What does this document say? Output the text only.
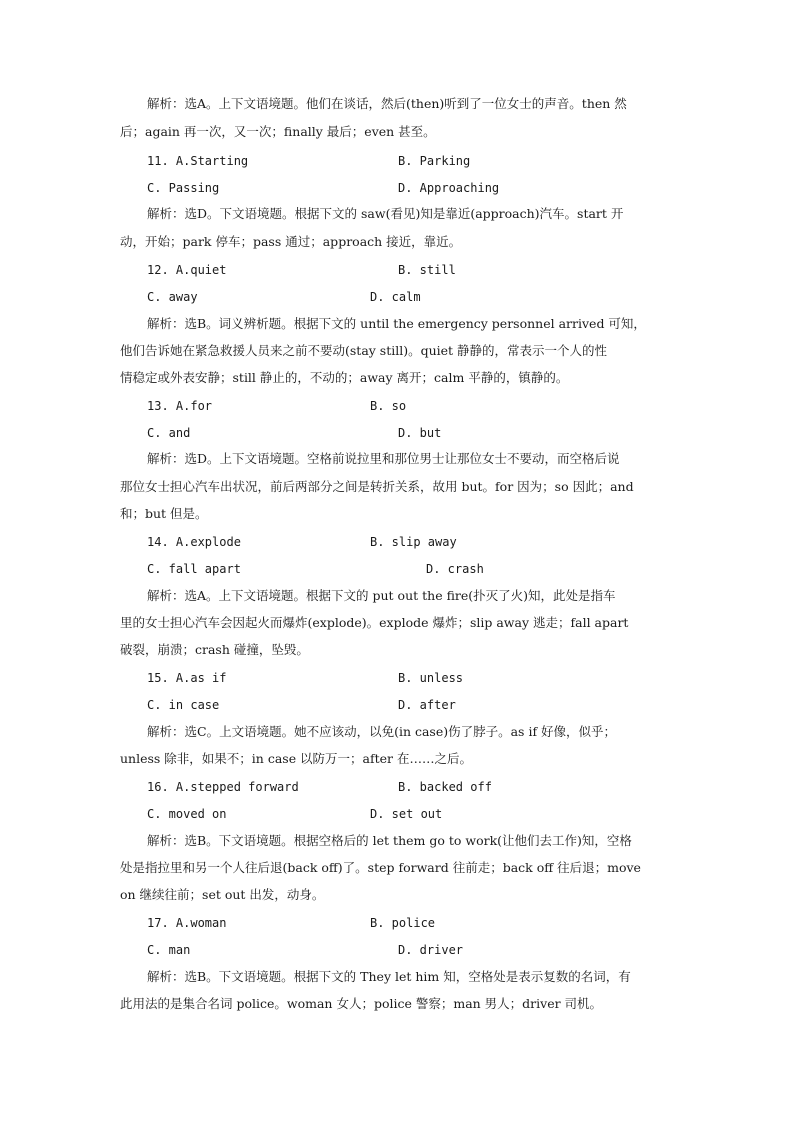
解析：选A。上下文语境题。他们在谈话，然后(then)听到了一位女士的声音。then 然
后；again 再一次，又一次；finally 最后；even 甚至。
11. A.Starting	B. Parking
C. Passing	D. Approaching
解析：选D。下文语境题。根据下文的 saw(看见)知是靠近(approach)汽车。start 开
动，开始；park 停车；pass 通过；approach 接近，靠近。
12. A.quiet	B. still
C. away	D. calm
解析：选B。词义辨析题。根据下文的 until the emergency personnel arrived 可知，
他们告诉她在紧急救援人员来之前不要动(stay still)。quiet 静静的，常表示一个人的性
情稳定或外表安静；still 静止的，不动的；away 离开；calm 平静的，镇静的。
13. A.for	B. so
C. and	D. but
解析：选D。上下文语境题。空格前说拉里和那位男士让那位女士不要动，而空格后说
那位女士担心汽车出状况，前后两部分之间是转折关系，故用 but。for 因为；so 因此；and
和；but 但是。
14. A.explode	B. slip away
C. fall apart	D. crash
解析：选A。上下文语境题。根据下文的 put out the fire(扑灭了火)知，此处是指车
里的女士担心汽车会因起火而爆炸(explode)。explode 爆炸；slip away 逃走；fall apart
破裂，崩溃；crash 碰撞，坠毁。
15. A.as if	B. unless
C. in case	D. after
解析：选C。上文语境题。她不应该动，以免(in case)伤了脖子。as if 好像，似乎；
unless 除非，如果不；in case 以防万一；after 在……之后。
16. A.stepped forward	B. backed off
C. moved on	D. set out
解析：选B。下文语境题。根据空格后的 let them go to work(让他们去工作)知，空格
处是指拉里和另一个人往后退(back off)了。step forward 往前走；back off 往后退；move
on 继续往前；set out 出发，动身。
17. A.woman	B. police
C. man	D. driver
解析：选B。下文语境题。根据下文的 They let him 知，空格处是表示复数的名词，有
此用法的是集合名词 police。woman 女人；police 警察；man 男人；driver 司机。
